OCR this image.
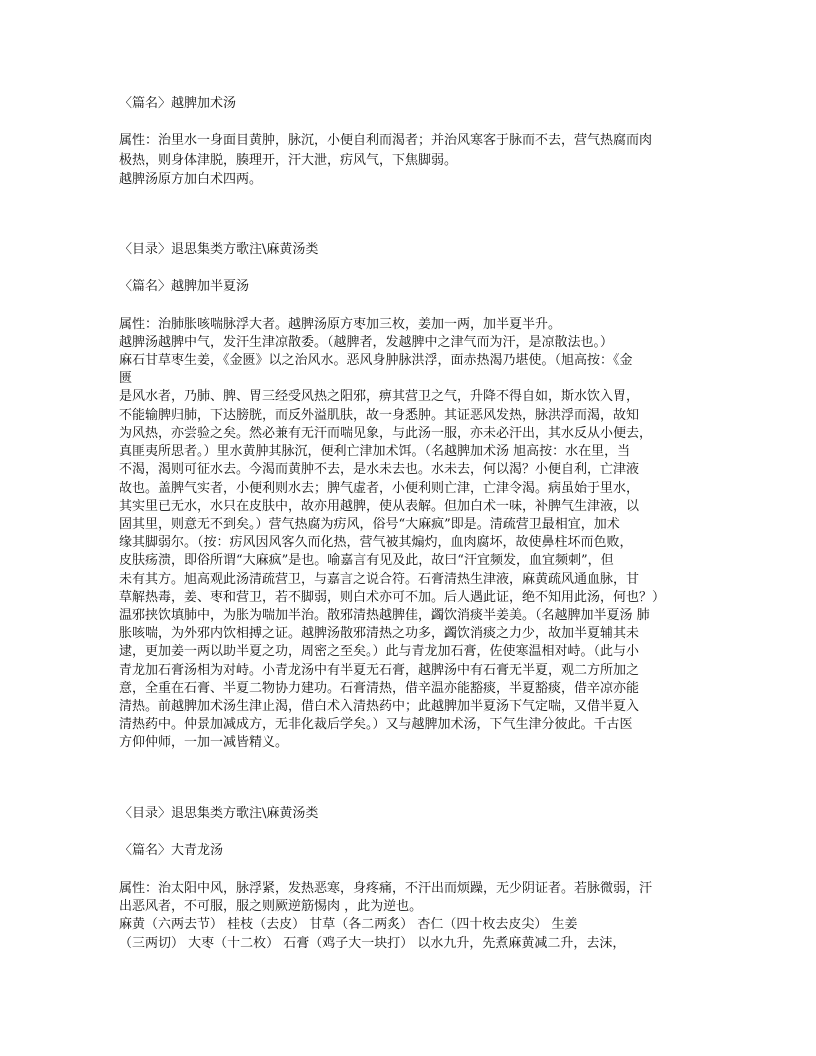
〈篇名〉越脾加术汤
属性：治里水一身面目黄肿，脉沉，小便自利而渴者；并治风寒客于脉而不去，营气热腐而肉
极热，则身体津脱，腠理开，汗大泄，疠风气，下焦脚弱。
越脾汤原方加白术四两。
〈目录〉退思集类方歌注\麻黄汤类
〈篇名〉越脾加半夏汤
属性：治肺胀咳喘脉浮大者。越脾汤原方枣加三枚，姜加一两，加半夏半升。
越脾汤越脾中气，发汗生津凉散委。（越脾者，发越脾中之津气而为汗，是凉散法也。）
麻石甘草枣生姜，《金匮》以之治风水。恶风身肿脉洪浮，面赤热渴乃堪使。（旭高按：《金
匮
是风水者，乃肺、脾、胃三经受风热之阳邪，痹其营卫之气，升降不得自如，斯水饮入胃，
不能输脾归肺，下达膀胱，而反外溢肌肤，故一身悉肿。其证恶风发热，脉洪浮而渴，故知
为风热，亦尝验之矣。然必兼有无汗而喘见象，与此汤一服，亦未必汗出，其水反从小便去，
真匪夷所思者。）里水黄肿其脉沉，便利亡津加术饵。（名越脾加术汤 旭高按：水在里，当
不渴，渴则可征水去。今渴而黄肿不去，是水未去也。水未去，何以渴？小便自利，亡津液
故也。盖脾气实者，小便利则水去；脾气虚者，小便利则亡津，亡津令渴。病虽始于里水，
其实里已无水，水只在皮肤中，故亦用越脾，使从表解。但加白术一味，补脾气生津液，以
固其里，则意无不到矣。）营气热腐为疠风，俗号“大麻疯”即是。清疏营卫最相宜，加术
缘其脚弱尔。（按：疠风因风客久而化热，营气被其煽灼，血肉腐坏，故使鼻柱坏而色败，
皮肤疡溃，即俗所谓“大麻疯”是也。喻嘉言有见及此，故曰“汗宜频发，血宜频刺”，但
未有其方。旭高观此汤清疏营卫，与嘉言之说合符。石膏清热生津液，麻黄疏风通血脉，甘
草解热毒，姜、枣和营卫，若不脚弱，则白术亦可不加。后人遇此证，绝不知用此汤，何也？）
温邪挟饮填肺中，为胀为喘加半治。散邪清热越脾佳，蠲饮消痰半姜美。（名越脾加半夏汤 肺
胀咳喘，为外邪内饮相搏之证。越脾汤散邪清热之功多，蠲饮消痰之力少，故加半夏辅其未
逮，更加姜一两以助半夏之功，周密之至矣。）此与青龙加石膏，佐使寒温相对峙。（此与小
青龙加石膏汤相为对峙。小青龙汤中有半夏无石膏，越脾汤中有石膏无半夏，观二方所加之
意，全重在石膏、半夏二物协力建功。石膏清热，借辛温亦能豁痰，半夏豁痰，借辛凉亦能
清热。前越脾加术汤生津止渴，借白术入清热药中；此越脾加半夏汤下气定喘，又借半夏入
清热药中。仲景加减成方，无非化裁后学矣。）又与越脾加术汤，下气生津分彼此。千古医
方仰仲师，一加一减皆精义。
〈目录〉退思集类方歌注\麻黄汤类
〈篇名〉大青龙汤
属性：治太阳中风，脉浮紧，发热恶寒，身疼痛，不汗出而烦躁，无少阴证者。若脉微弱，汗
出恶风者，不可服，服之则厥逆筋惕肉 ，此为逆也。
麻黄（六两去节） 桂枝（去皮） 甘草（各二两炙） 杏仁（四十枚去皮尖） 生姜
（三两切） 大枣（十二枚） 石膏（鸡子大一块打） 以水九升，先煮麻黄减二升，去沫，
